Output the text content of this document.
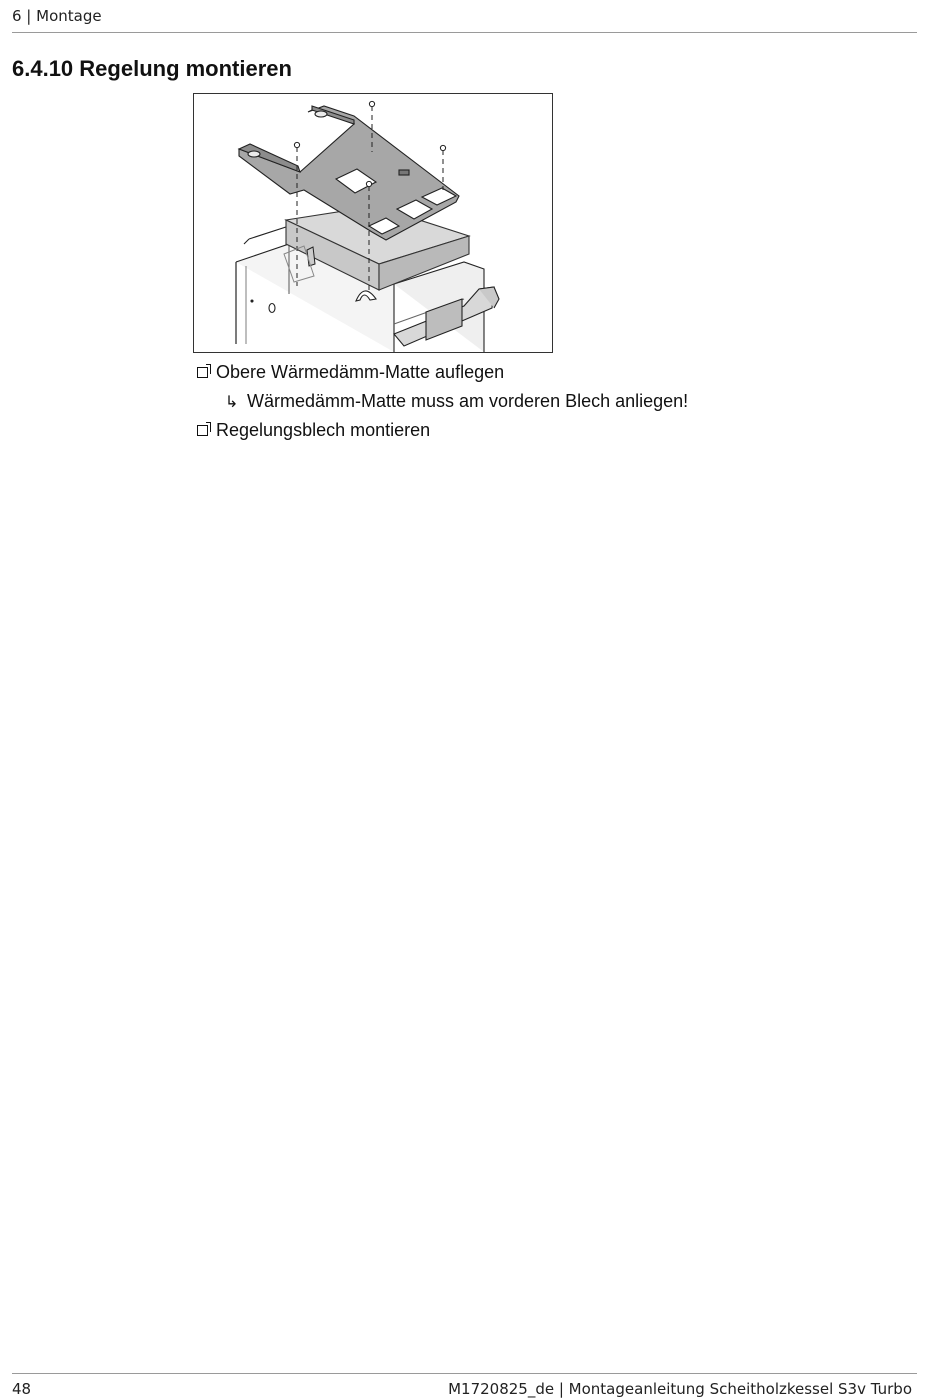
6 | Montage
6.4.10 Regelung montieren
Obere Wärmedämm-Matte auflegen
↳ Wärmedämm-Matte muss am vorderen Blech anliegen!
Regelungsblech montieren
48	M1720825_de | Montageanleitung Scheitholzkessel S3v Turbo
